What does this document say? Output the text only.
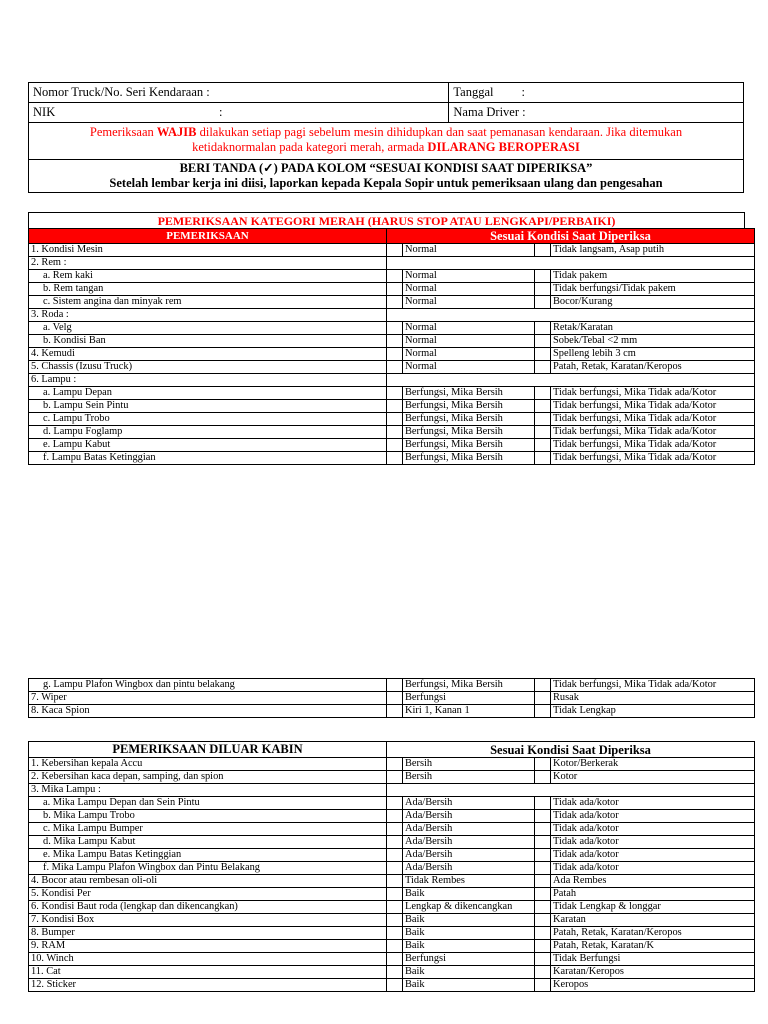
Nomor Truck/No. Seri Kendaraan :	Tanggal :
NIK	:	Nama Driver :
Pemeriksaan WAJIB dilakukan setiap pagi sebelum mesin dihidupkan dan saat pemanasan kendaraan. Jika ditemukan
ketidaknormalan pada kategori merah, armada DILARANG BEROPERASI
BERI TANDA (✓) PADA KOLOM “SESUAI KONDISI SAAT DIPERIKSA”
Setelah lembar kerja ini diisi, laporkan kepada Kepala Sopir untuk pemeriksaan ulang dan pengesahan
PEMERIKSAAN KATEGORI MERAH (HARUS STOP ATAU LENGKAPI/PERBAIKI)
PEMERIKSAAN	Sesuai Kondisi Saat Diperiksa			
1. Kondisi Mesin		Normal		Tidak langsam, Asap putih
2. Rem :				
a. Rem kaki		Normal		Tidak pakem
b. Rem tangan		Normal		Tidak berfungsi/Tidak pakem
c. Sistem angina dan minyak rem		Normal		Bocor/Kurang
3. Roda :				
a. Velg		Normal		Retak/Karatan
b. Kondisi Ban		Normal		Sobek/Tebal <2 mm
4. Kemudi		Normal		Spelleng lebih 3 cm
5. Chassis (Izusu Truck)		Normal		Patah, Retak, Karatan/Keropos
6. Lampu :				
a. Lampu Depan		Berfungsi, Mika Bersih		Tidak berfungsi, Mika Tidak ada/Kotor
b. Lampu Sein Pintu		Berfungsi, Mika Bersih		Tidak berfungsi, Mika Tidak ada/Kotor
c. Lampu Trobo		Berfungsi, Mika Bersih		Tidak berfungsi, Mika Tidak ada/Kotor
d. Lampu Foglamp		Berfungsi, Mika Bersih		Tidak berfungsi, Mika Tidak ada/Kotor
e. Lampu Kabut		Berfungsi, Mika Bersih		Tidak berfungsi, Mika Tidak ada/Kotor
f. Lampu Batas Ketinggian		Berfungsi, Mika Bersih		Tidak berfungsi, Mika Tidak ada/Kotor
g. Lampu Plafon Wingbox dan pintu belakang		Berfungsi, Mika Bersih		Tidak berfungsi, Mika Tidak ada/Kotor
7. Wiper		Berfungsi		Rusak
8. Kaca Spion		Kiri 1, Kanan 1		Tidak Lengkap
PEMERIKSAAN DILUAR KABIN	Sesuai Kondisi Saat Diperiksa			
1. Kebersihan kepala Accu		Bersih		Kotor/Berkerak
2. Kebersihan kaca depan, samping, dan spion		Bersih		Kotor
3. Mika Lampu :				
a. Mika Lampu Depan dan Sein Pintu		Ada/Bersih		Tidak ada/kotor
b. Mika Lampu Trobo		Ada/Bersih		Tidak ada/kotor
c. Mika Lampu Bumper		Ada/Bersih		Tidak ada/kotor
d. Mika Lampu Kabut		Ada/Bersih		Tidak ada/kotor
e. Mika Lampu Batas Ketinggian		Ada/Bersih		Tidak ada/kotor
f. Mika Lampu Plafon Wingbox dan Pintu Belakang		Ada/Bersih		Tidak ada/kotor
4. Bocor atau rembesan oli-oli		Tidak Rembes		Ada Rembes
5. Kondisi Per		Baik		Patah
6. Kondisi Baut roda (lengkap dan dikencangkan)		Lengkap & dikencangkan		Tidak Lengkap & longgar
7. Kondisi Box		Baik		Karatan
8. Bumper		Baik		Patah, Retak, Karatan/Keropos
9. RAM		Baik		Patah, Retak, Karatan/K
10. Winch		Berfungsi		Tidak Berfungsi
11. Cat		Baik		Karatan/Keropos
12. Sticker		Baik		Keropos
